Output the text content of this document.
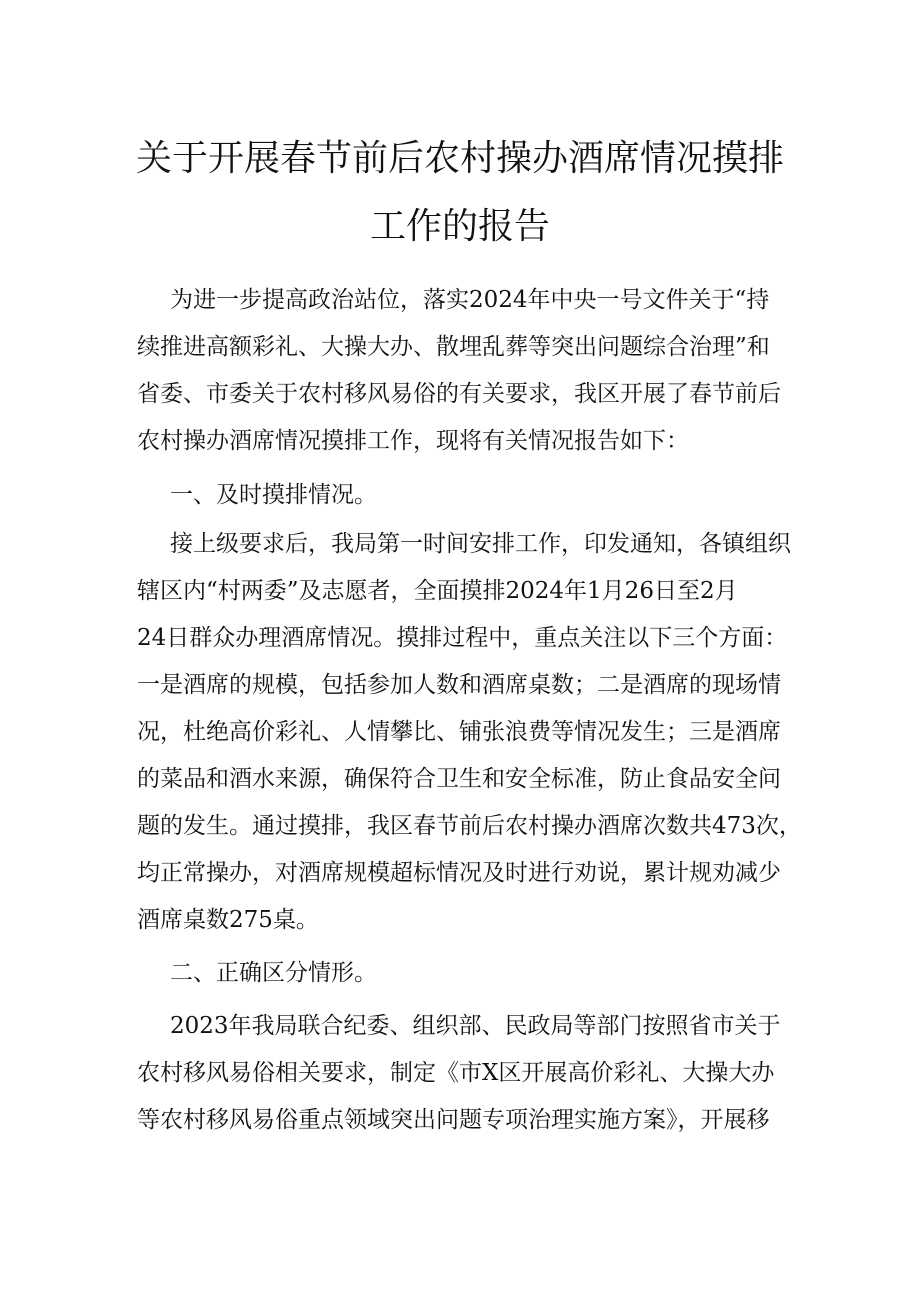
关于开展春节前后农村操办酒席情况摸排
工作的报告
为进一步提高政治站位，落实2024年中央一号文件关于“持
续推进高额彩礼、大操大办、散埋乱葬等突出问题综合治理”和
省委、市委关于农村移风易俗的有关要求，我区开展了春节前后
农村操办酒席情况摸排工作，现将有关情况报告如下：
一、及时摸排情况。
接上级要求后，我局第一时间安排工作，印发通知，各镇组织
辖区内“村两委”及志愿者，全面摸排2024年1月26日至2月
24日群众办理酒席情况。摸排过程中，重点关注以下三个方面：
一是酒席的规模，包括参加人数和酒席桌数；二是酒席的现场情
况，杜绝高价彩礼、人情攀比、铺张浪费等情况发生；三是酒席
的菜品和酒水来源，确保符合卫生和安全标准，防止食品安全问
题的发生。通过摸排，我区春节前后农村操办酒席次数共473次，
均正常操办，对酒席规模超标情况及时进行劝说，累计规劝减少
酒席桌数275桌。
二、正确区分情形。
2023年我局联合纪委、组织部、民政局等部门按照省市关于
农村移风易俗相关要求，制定《市X区开展高价彩礼、大操大办
等农村移风易俗重点领域突出问题专项治理实施方案》，开展移
